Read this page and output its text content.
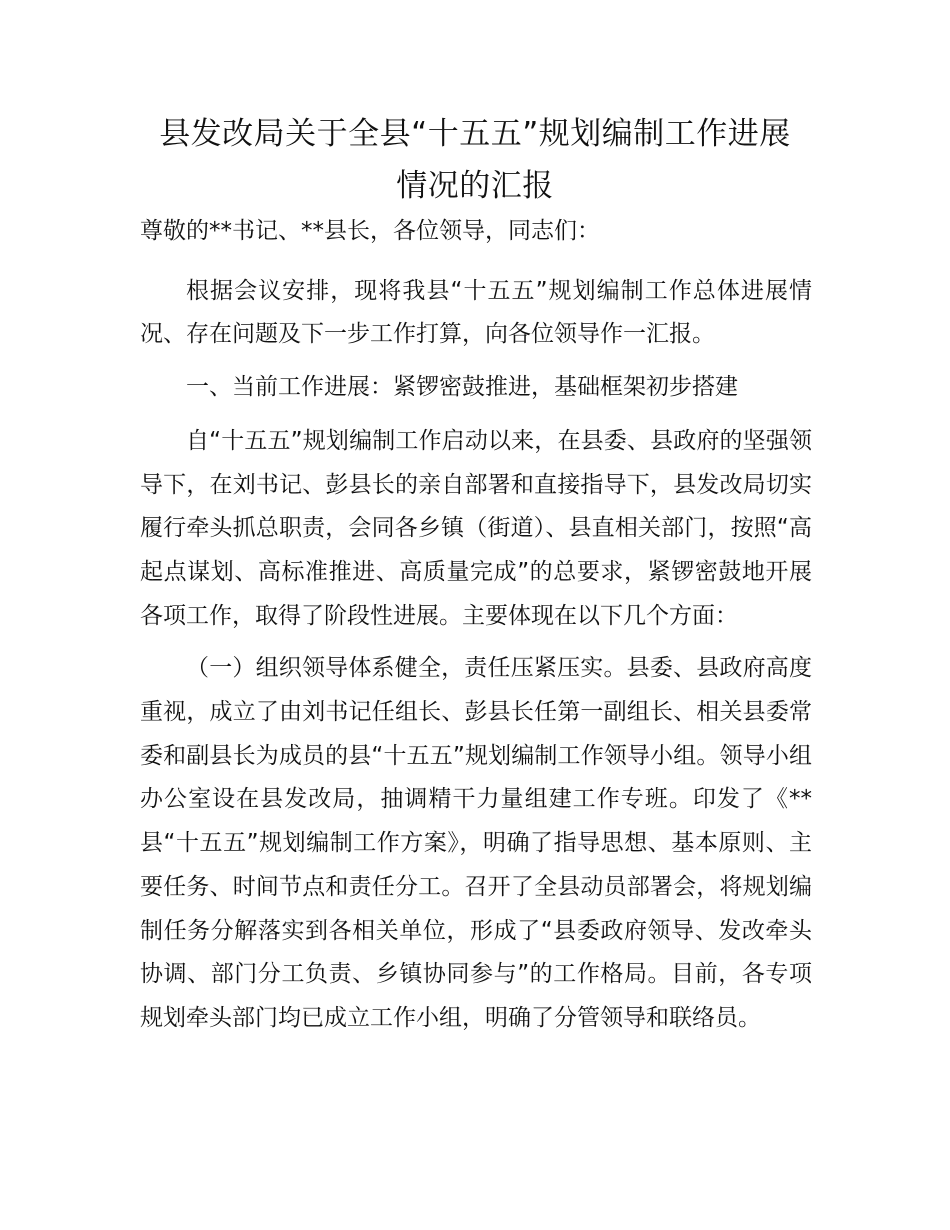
县发改局关于全县“十五五”规划编制工作进展
情况的汇报

尊敬的**书记、**县长，各位领导，同志们：

根据会议安排，现将我县“十五五”规划编制工作总体进展情况、存在问题及下一步工作打算，向各位领导作一汇报。

一、当前工作进展：紧锣密鼓推进，基础框架初步搭建

自“十五五”规划编制工作启动以来，在县委、县政府的坚强领导下，在刘书记、彭县长的亲自部署和直接指导下，县发改局切实履行牵头抓总职责，会同各乡镇（街道）、县直相关部门，按照“高起点谋划、高标准推进、高质量完成”的总要求，紧锣密鼓地开展各项工作，取得了阶段性进展。主要体现在以下几个方面：

（一）组织领导体系健全，责任压紧压实。县委、县政府高度重视，成立了由刘书记任组长、彭县长任第一副组长、相关县委常委和副县长为成员的县“十五五”规划编制工作领导小组。领导小组办公室设在县发改局，抽调精干力量组建工作专班。印发了《**县“十五五”规划编制工作方案》，明确了指导思想、基本原则、主要任务、时间节点和责任分工。召开了全县动员部署会，将规划编制任务分解落实到各相关单位，形成了“县委政府领导、发改牵头协调、部门分工负责、乡镇协同参与”的工作格局。目前，各专项规划牵头部门均已成立工作小组，明确了分管领导和联络员。
